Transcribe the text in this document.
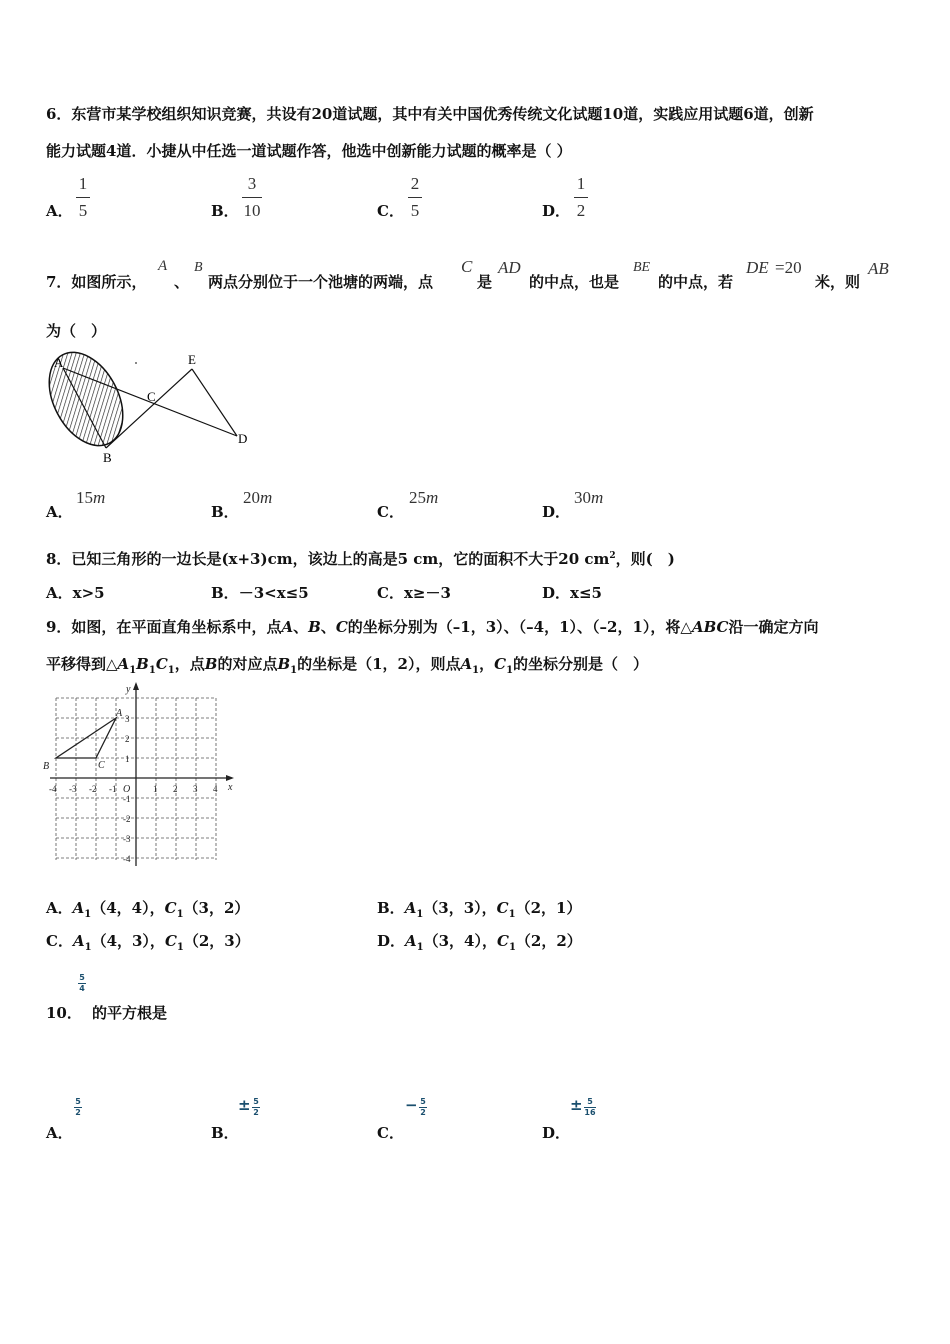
6．东营市某学校组织知识竞赛，共设有20道试题，其中有关中国优秀传统文化试题10道，实践应用试题6道，创新
能力试题4道．小捷从中任选一道试题作答，他选中创新能力试题的概率是（ ）
A．
1
5	B．
3
10	C．
2
5	D．
1
2
7．如图所示，
A
、
B
两点分别位于一个池塘的两端，点
C
是
AD
的中点，也是
BE
的中点，若
DE =20
米，则
AB
为（　）
A
B
C
D
E
A．
15m
B．
20m
C．
25m
D．
30m
8．已知三角形的一边长是(x+3)cm，该边上的高是5 cm，它的面积不大于20 $cm^2$，则(　)
A．x>5	B．－3<x≤5	C．x≥－3	D．x≤5
9．如图，在平面直角坐标系中，点A、B、C的坐标分别为（–1，3）、（–4，1）、（–2，1），将△ABC沿一确定方向
平移得到$\triangle A_1B_1C_1$，点B的对应点$B_1$的坐标是（1，2），则点$A_1$，$C_1$的坐标分别是（　）
x
y
O
A
B	C
-4 -3 -2 -1	1 2 3 4
3
2
1
-1
-2
-3
-4
A．$A_1(4$，4），$C_1(3$，2）	B．$A_1(3$，3），$C_1(2$，1）
C．$A_1(4$，3），$C_1(2$，3）	D．$A_1(3$，4），$C_1(2$，2）
5
4
10． 的平方根是
A．
5
2
B．
± 5
2
C．
− 5
2
D．
± 5
16
